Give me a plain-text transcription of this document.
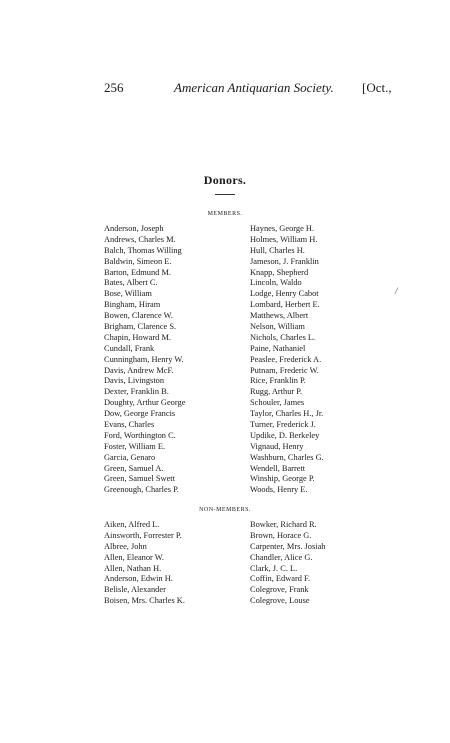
256	American Antiquarian Society. [Oct.,
Donors.
MEMBERS.
Anderson, Joseph
Andrews, Charles M.
Balch, Thomas Willing
Baldwin, Simeon E.
Barton, Edmund M.
Bates, Albert C.
Bose, William
Bingham, Hiram
Bowen, Clarence W.
Brigham, Clarence S.
Chapin, Howard M.
Cundall, Frank
Cunningham, Henry W.
Davis, Andrew McF.
Davis, Livingston
Dexter, Franklin B.
Doughty, Arthur George
Dow, George Francis
Evans, Charles
Ford, Worthington C.
Foster, William E.
Garcia, Genaro
Green, Samuel A.
Green, Samuel Swett
Greenough, Charles P.
Haynes, George H.
Holmes, William H.
Hull, Charles H.
Jameson, J. Franklin
Knapp, Shepherd
Lincoln, Waldo
Lodge, Henry Cabot
Lombard, Herbert E.
Matthews, Albert
Nelson, William
Nichols, Charles L.
Paine, Nathaniel
Peaslee, Frederick A.
Putnam, Frederic W.
Rice, Franklin P.
Rugg, Arthur P.
Schouler, James
Taylor, Charles H., Jr.
Turner, Frederick J.
Updike, D. Berkeley
Vignaud, Henry
Washburn, Charles G.
Wendell, Barrett
Winship, George P.
Woods, Henry E.
/
NON-MEMBERS.
Aiken, Alfred L.
Ainsworth, Forrester P.
Albree, John
Allen, Eleanor W.
Allen, Nathan H.
Anderson, Edwin H.
Belisle, Alexander
Boisen, Mrs. Charles K.
Bowker, Richard R.
Brown, Horace G.
Carpenter, Mrs. Josiah
Chandler, Alice G.
Clark, J. C. L.
Coffin, Edward F.
Colegrove, Frank
Colegrove, Louse
